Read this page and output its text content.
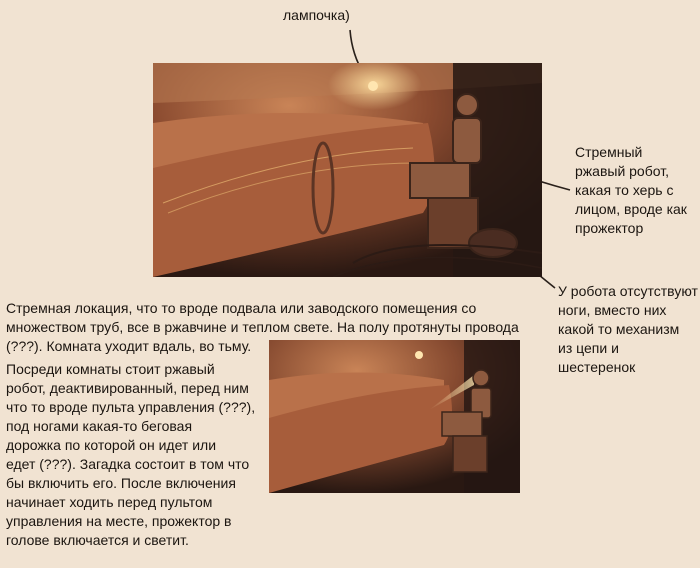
лампочка)
Стремный
ржавый робот,
какая то херь с
лицом, вроде как
прожектор
У робота отсутствуют
ноги, вместо них
какой то механизм
из цепи и
шестеренок
Стремная локация, что то вроде подвала или заводского помещения со
множеством труб, все в ржавчине и теплом свете. На полу протянуты провода
(???). Комната уходит вдаль, во тьму.
Посреди комнаты стоит ржавый
робот, деактивированный, перед ним
что то вроде пульта управления (???),
под ногами какая-то беговая
дорожка по которой он идет или
едет (???). Загадка состоит в том что
бы включить его. После включения
начинает ходить перед пультом
управления на месте, прожектор в
голове включается и светит.
